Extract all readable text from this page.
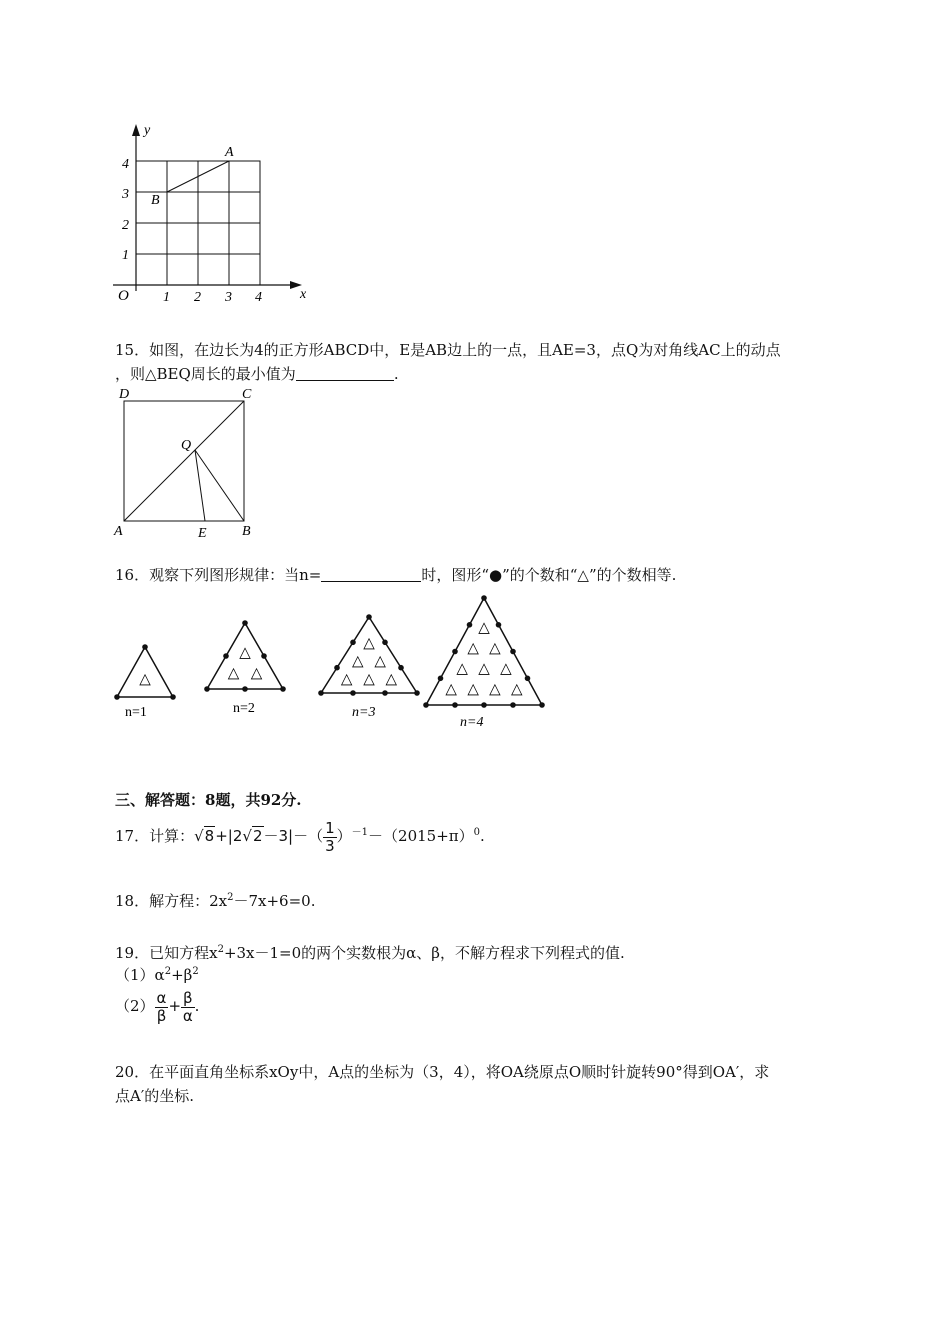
y
x
O 1 2 3 4
1
2
3
4
A
B
15．如图，在边长为4的正方形ABCD中，E是AB边上的一点，且AE=3，点Q为对角线AC上的动点
，则△BEQ周长的最小值为	.
D	C
A	B
E
Q
16．观察下列图形规律：当n=	时，图形“●”的个数和“△”的个数相等.
△
△
△ △
△
△ △
△ △ △
△
△ △
△ △ △
△ △ △ △
n=1	n=2	n=3
n=4
三、解答题：8题，共92分.
17．计算：$√8+|2√2-3|-( \frac{1}{3} )^{-1}-(2015+\pi)^0$.
18．解方程：$2x^2-7x+6=0$.
19．已知方程$x^2+3x-1=0$的两个实数根为α、β，不解方程求下列程式的值.
$(1)\alpha^2+\beta^2$
$(2) \frac{\alpha}{\beta} + \frac{\beta}{\alpha}$ .
20．在平面直角坐标系xOy中，A点的坐标为（3，4），将OA绕原点O顺时针旋转90°得到OA′，求
点A′的坐标.
